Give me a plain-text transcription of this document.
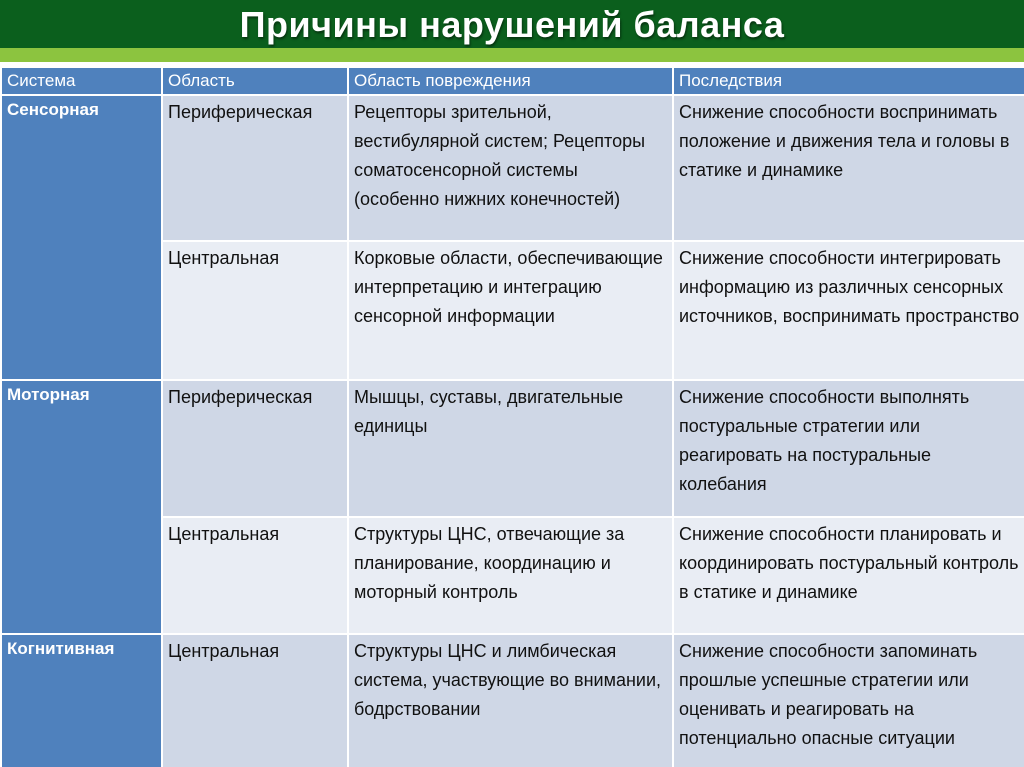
Причины нарушений баланса
Система	Область	Область повреждения	Последствия
Сенсорная	Периферическая	Рецепторы зрительной, вестибулярной систем; Рецепторы соматосенсорной системы (особенно нижних конечностей)	Снижение способности воспринимать положение и движения тела и головы в статике и динамике
	Центральная	Корковые области, обеспечивающие интерпретацию и интеграцию сенсорной информации	Снижение способности интегрировать информацию из различных сенсорных источников, воспринимать пространство
Моторная	Периферическая	Мышцы, суставы, двигательные единицы	Снижение способности выполнять постуральные стратегии или реагировать на постуральные колебания
	Центральная	Структуры ЦНС, отвечающие за планирование, координацию и моторный контроль	Снижение способности планировать и координировать постуральный контроль в статике и динамике
Когнитивная	Центральная	Структуры ЦНС и лимбическая система, участвующие во внимании, бодрствовании	Снижение способности запоминать прошлые успешные стратегии или оценивать и реагировать на потенциально опасные ситуации
